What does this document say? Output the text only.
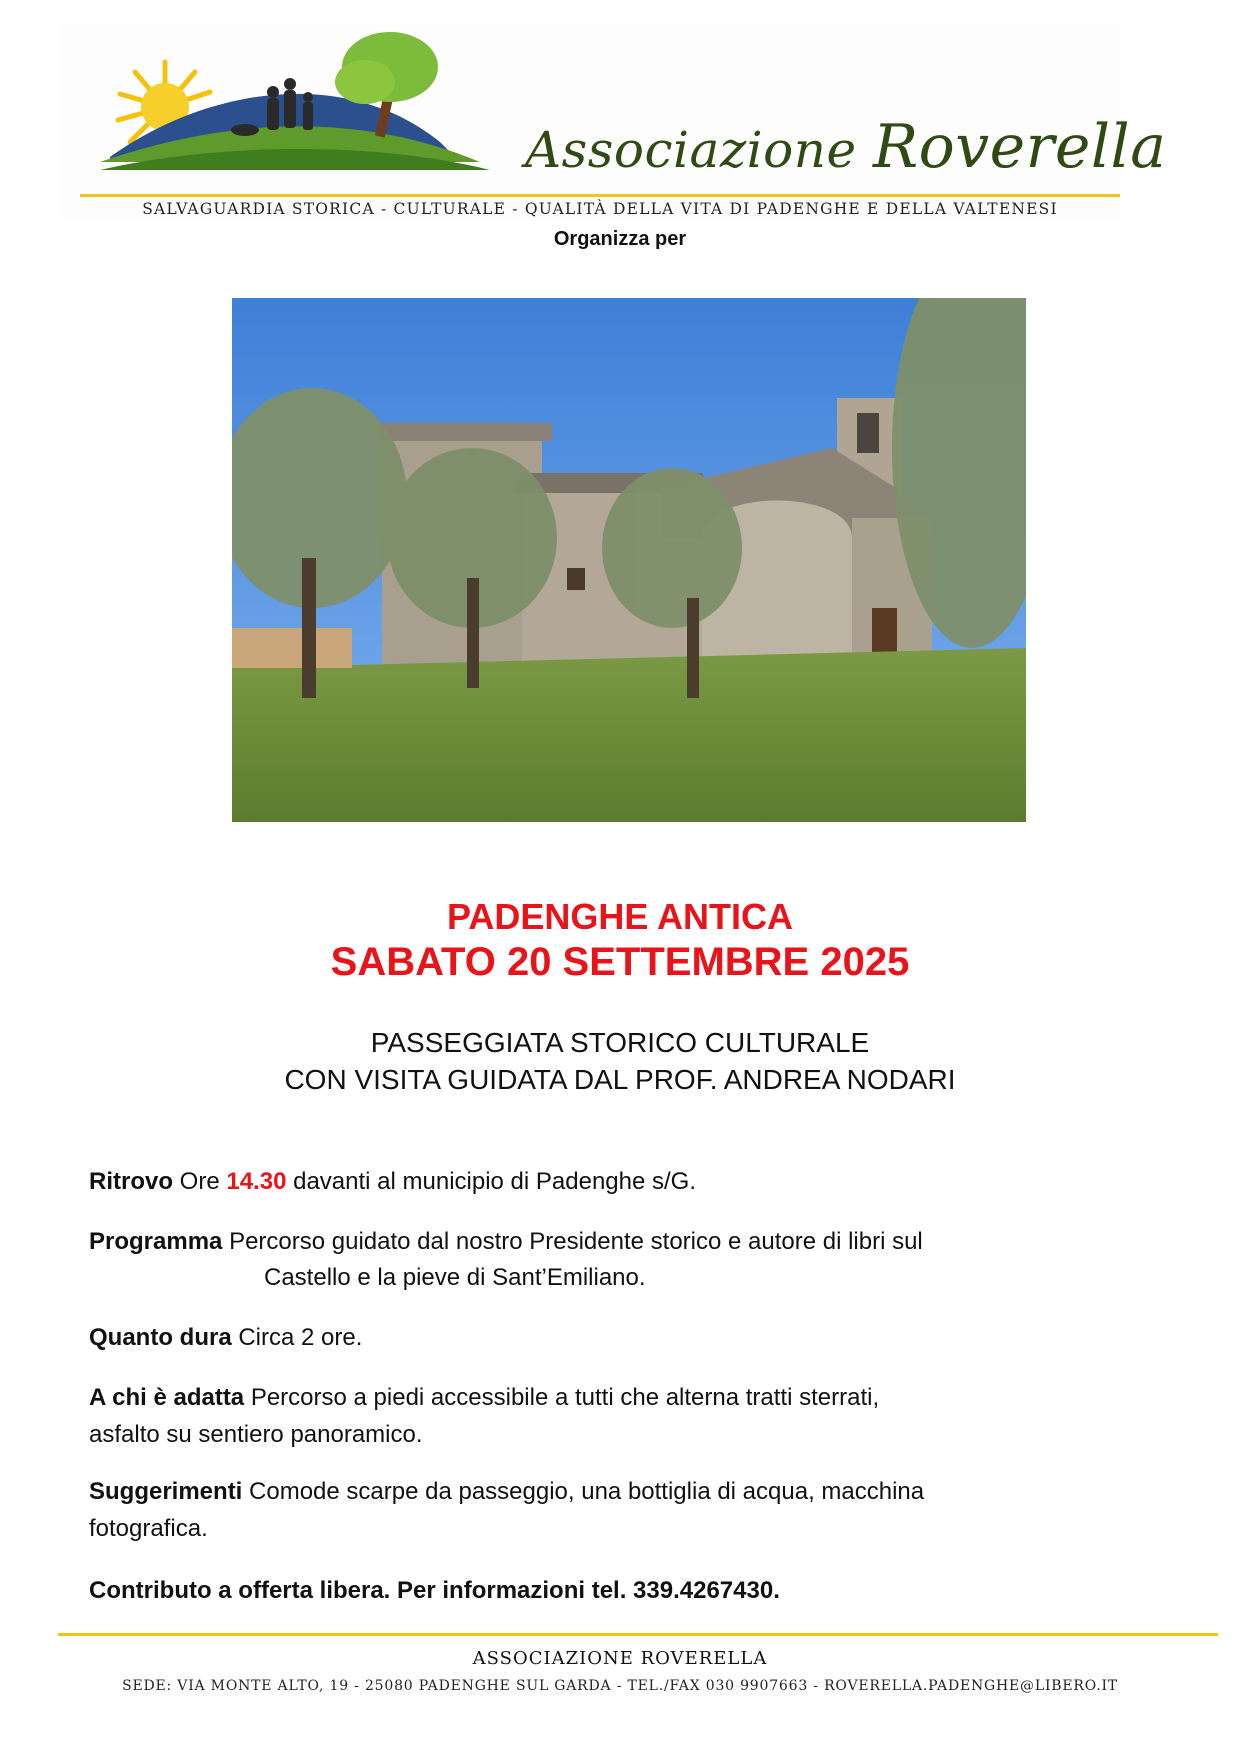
Associazione Roverella
SALVAGUARDIA STORICA - CULTURALE - QUALITÀ DELLA VITA DI PADENGHE E DELLA VALTENESI
Organizza per
PADENGHE ANTICA
SABATO 20 SETTEMBRE 2025
PASSEGGIATA STORICO CULTURALE
CON VISITA GUIDATA DAL PROF. ANDREA NODARI
Ritrovo Ore 14.30 davanti al municipio di Padenghe s/G.
Programma Percorso guidato dal nostro Presidente storico e autore di libri sul
Castello e la pieve di Sant’Emiliano.
Quanto dura Circa 2 ore.
A chi è adatta Percorso a piedi accessibile a tutti che alterna tratti sterrati,
asfalto su sentiero panoramico.
Suggerimenti Comode scarpe da passeggio, una bottiglia di acqua, macchina
fotografica.
Contributo a offerta libera. Per informazioni tel. 339.4267430.
ASSOCIAZIONE ROVERELLA
SEDE: VIA MONTE ALTO, 19 - 25080 PADENGHE SUL GARDA - TEL./FAX 030 9907663 - ROVERELLA.PADENGHE@LIBERO.IT
